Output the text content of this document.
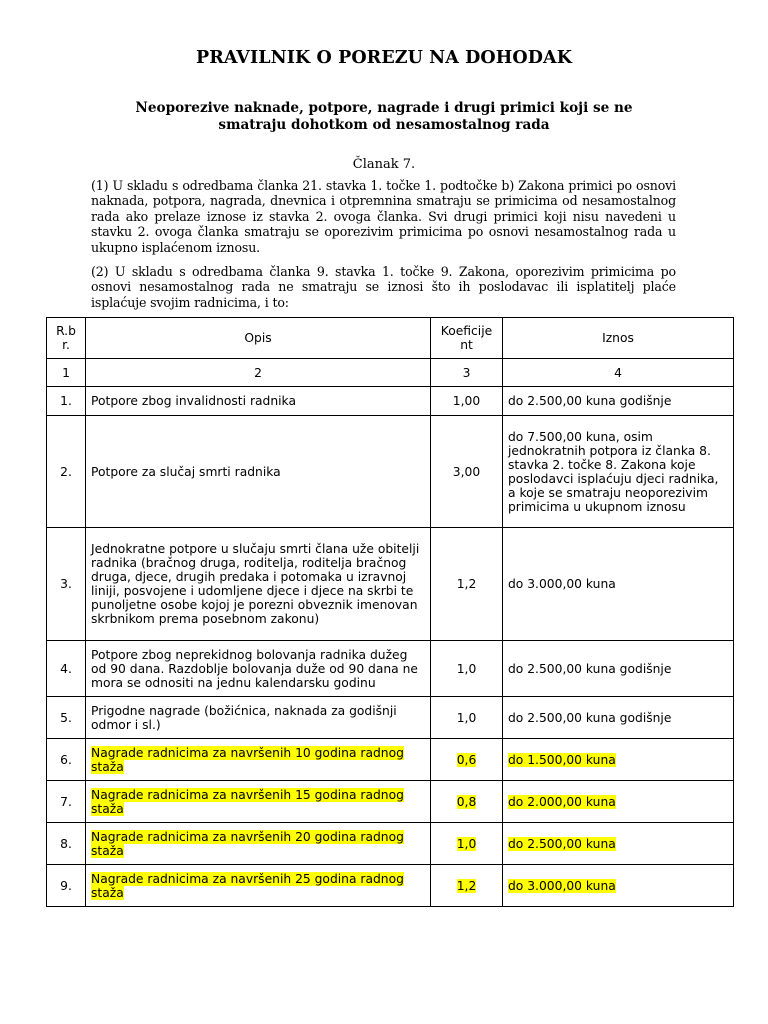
PRAVILNIK O POREZU NA DOHODAK
Neoporezive naknade, potpore, nagrade i drugi primici koji se ne smatraju dohotkom od nesamostalnog rada
Članak 7.
(1) U skladu s odredbama članka 21. stavka 1. točke 1. podtočke b) Zakona primici po osnovi naknada, potpora, nagrada, dnevnica i otpremnina smatraju se primicima od nesamostalnog rada ako prelaze iznose iz stavka 2. ovoga članka. Svi drugi primici koji nisu navedeni u stavku 2. ovoga članka smatraju se oporezivim primicima po osnovi nesamostalnog rada u ukupno isplaćenom iznosu.
(2) U skladu s odredbama članka 9. stavka 1. točke 9. Zakona, oporezivim primicima po osnovi nesamostalnog rada ne smatraju se iznosi što ih poslodavac ili isplatitelj plaće isplaćuje svojim radnicima, i to:
R.b r.	Opis	Koeficije nt	Iznos
1	2	3	4
1.	Potpore zbog invalidnosti radnika	1,00	do 2.500,00 kuna godišnje
2.	Potpore za slučaj smrti radnika	3,00	do 7.500,00 kuna, osim jednokratnih potpora iz članka 8. stavka 2. točke 8. Zakona koje poslodavci isplaćuju djeci radnika, a koje se smatraju neoporezivim primicima u ukupnom iznosu
3.	Jednokratne potpore u slučaju smrti člana uže obitelji radnika (bračnog druga, roditelja, roditelja bračnog druga, djece, drugih predaka i potomaka u izravnoj liniji, posvojene i udomljene djece i djece na skrbi te punoljetne osobe kojoj je porezni obveznik imenovan skrbnikom prema posebnom zakonu)	1,2	do 3.000,00 kuna
4.	Potpore zbog neprekidnog bolovanja radnika dužeg od 90 dana. Razdoblje bolovanja duže od 90 dana ne mora se odnositi na jednu kalendarsku godinu	1,0	do 2.500,00 kuna godišnje
5.	Prigodne nagrade (božićnica, naknada za godišnji odmor i sl.)	1,0	do 2.500,00 kuna godišnje
6.	Nagrade radnicima za navršenih 10 godina radnog staža	0,6	do 1.500,00 kuna
7.	Nagrade radnicima za navršenih 15 godina radnog staža	0,8	do 2.000,00 kuna
8.	Nagrade radnicima za navršenih 20 godina radnog staža	1,0	do 2.500,00 kuna
9.	Nagrade radnicima za navršenih 25 godina radnog staža	1,2	do 3.000,00 kuna
